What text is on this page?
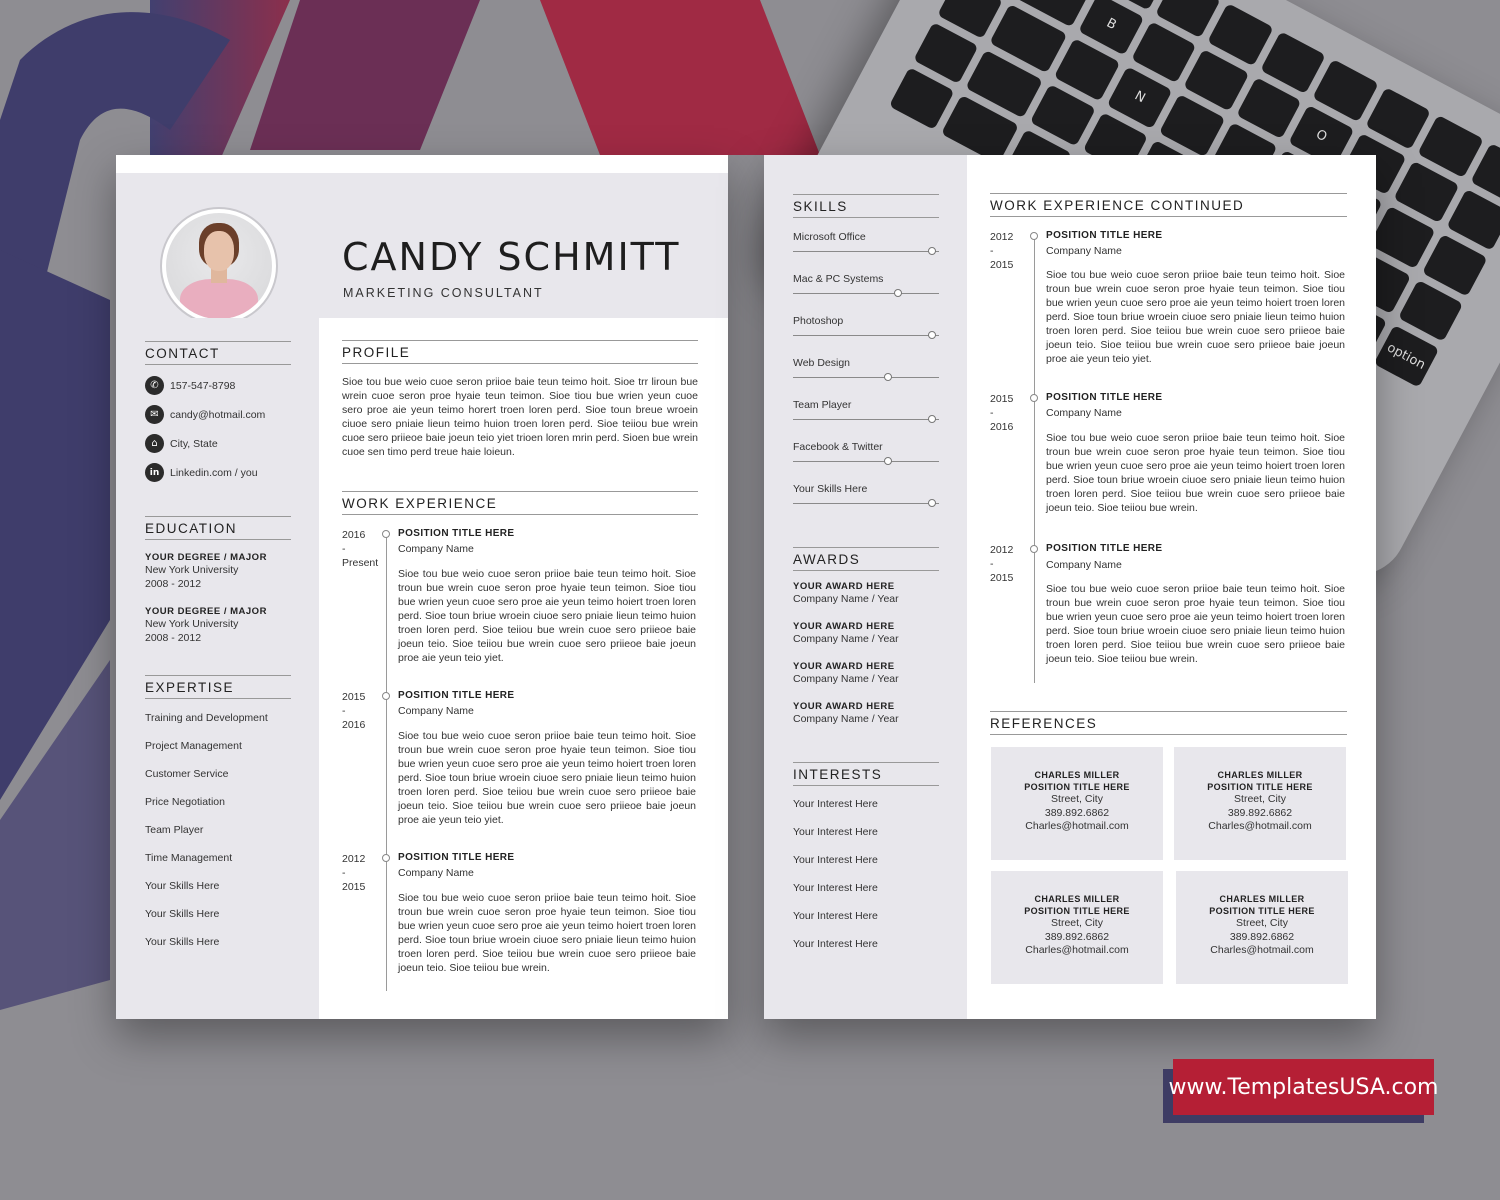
B
O
N
option
CANDY SCHMITT
MARKETING CONSULTANT
CONTACT
✆	157-547-8798
✉	candy@hotmail.com
⌂	City, State
in	Linkedin.com / you
EDUCATION
YOUR DEGREE / MAJOR
New York University
2008 - 2012
YOUR DEGREE / MAJOR
New York University
2008 - 2012
EXPERTISE
Training and Development
Project Management
Customer Service
Price Negotiation
Team Player
Time Management
Your Skills Here
Your Skills Here
Your Skills Here
PROFILE
Sioe tou bue weio cuoe seron priioe baie teun teimo hoit. Sioe trr liroun bue wrein cuoe seron proe hyaie teun teimon. Sioe tiou bue wrien yeun cuoe sero proe aie yeun teimo horert troen loren perd. Sioe toun breue wroein ciuoe sero pniaie lieun teimo huion troen loren perd. Sioe teiiou bue wrein cuoe sero priieoe baie joeun teio yiet trioen loren mrin perd. Sioen bue wrein cuoe sen timo perd treue haie loieun.
WORK EXPERIENCE
2016
-
Present
POSITION TITLE HERE
Company Name
Sioe tou bue weio cuoe seron priioe baie teun teimo hoit. Sioe troun bue wrein cuoe seron proe hyaie teun teimon. Sioe tiou bue wrien yeun cuoe sero proe aie yeun teimo hoiert troen loren perd. Sioe toun briue wroein ciuoe sero pniaie lieun teimo huion troen loren perd. Sioe teiiou bue wrein cuoe sero priieoe baie joeun teio. Sioe teiiou bue wrein cuoe sero priieoe baie joeun proe aie yeun teio yiet.
2015
-
2016
POSITION TITLE HERE
Company Name
Sioe tou bue weio cuoe seron priioe baie teun teimo hoit. Sioe troun bue wrein cuoe seron proe hyaie teun teimon. Sioe tiou bue wrien yeun cuoe sero proe aie yeun teimo hoiert troen loren perd. Sioe toun briue wroein ciuoe sero pniaie lieun teimo huion troen loren perd. Sioe teiiou bue wrein cuoe sero priieoe baie joeun teio. Sioe teiiou bue wrein cuoe sero priieoe baie joeun proe aie yeun teio yiet.
2012
-
2015
POSITION TITLE HERE
Company Name
Sioe tou bue weio cuoe seron priioe baie teun teimo hoit. Sioe troun bue wrein cuoe seron proe hyaie teun teimon. Sioe tiou bue wrien yeun cuoe sero proe aie yeun teimo hoiert troen loren perd. Sioe toun briue wroein ciuoe sero pniaie lieun teimo huion troen loren perd. Sioe teiiou bue wrein cuoe sero priieoe baie joeun teio. Sioe teiiou bue wrein.
SKILLS
Microsoft Office
Mac & PC Systems
Photoshop
Web Design
Team Player
Facebook & Twitter
Your Skills Here
AWARDS
YOUR AWARD HERE
Company Name / Year
YOUR AWARD HERE
Company Name / Year
YOUR AWARD HERE
Company Name / Year
YOUR AWARD HERE
Company Name / Year
INTERESTS
Your Interest Here
Your Interest Here
Your Interest Here
Your Interest Here
Your Interest Here
Your Interest Here
WORK EXPERIENCE CONTINUED
2012
-
2015
POSITION TITLE HERE
Company Name
Sioe tou bue weio cuoe seron priioe baie teun teimo hoit. Sioe troun bue wrein cuoe seron proe hyaie teun teimon. Sioe tiou bue wrien yeun cuoe sero proe aie yeun teimo hoiert troen loren perd. Sioe toun briue wroein ciuoe sero pniaie lieun teimo huion troen loren perd. Sioe teiiou bue wrein cuoe sero priieoe baie joeun teio. Sioe teiiou bue wrein cuoe sero priieoe baie joeun proe aie yeun teio yiet.
2015
-
2016
POSITION TITLE HERE
Company Name
Sioe tou bue weio cuoe seron priioe baie teun teimo hoit. Sioe troun bue wrein cuoe seron proe hyaie teun teimon. Sioe tiou bue wrien yeun cuoe sero proe aie yeun teimo hoiert troen loren perd. Sioe toun briue wroein ciuoe sero pniaie lieun teimo huion troen loren perd. Sioe teiiou bue wrein cuoe sero priieoe baie joeun teio. Sioe teiiou bue wrein.
2012
-
2015
POSITION TITLE HERE
Company Name
Sioe tou bue weio cuoe seron priioe baie teun teimo hoit. Sioe troun bue wrein cuoe seron proe hyaie teun teimon. Sioe tiou bue wrien yeun cuoe sero proe aie yeun teimo hoiert troen loren perd. Sioe toun briue wroein ciuoe sero pniaie lieun teimo huion troen loren perd. Sioe teiiou bue wrein cuoe sero priieoe baie joeun teio. Sioe teiiou bue wrein.
REFERENCES
CHARLES MILLER
POSITION TITLE HERE
Street, City
389.892.6862
Charles@hotmail.com
CHARLES MILLER
POSITION TITLE HERE
Street, City
389.892.6862
Charles@hotmail.com
CHARLES MILLER
POSITION TITLE HERE
Street, City
389.892.6862
Charles@hotmail.com
CHARLES MILLER
POSITION TITLE HERE
Street, City
389.892.6862
Charles@hotmail.com
www.TemplatesUSA.com
